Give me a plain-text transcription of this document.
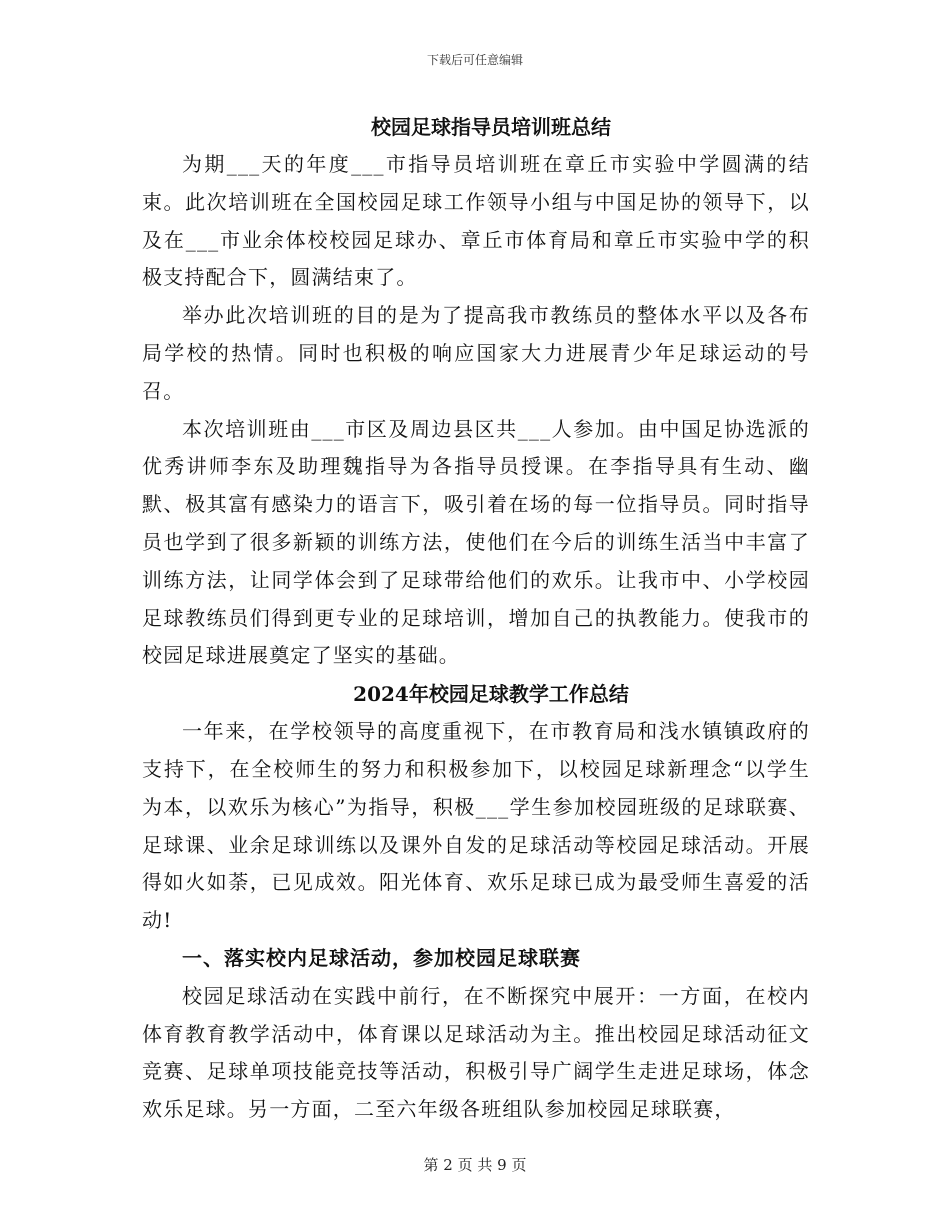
下载后可任意编辑
校园足球指导员培训班总结

为期___天的年度___市指导员培训班在章丘市实验中学圆满的结束。此次培训班在全国校园足球工作领导小组与中国足协的领导下，以及在___市业余体校校园足球办、章丘市体育局和章丘市实验中学的积极支持配合下，圆满结束了。

举办此次培训班的目的是为了提高我市教练员的整体水平以及各布局学校的热情。同时也积极的响应国家大力进展青少年足球运动的号召。

本次培训班由___市区及周边县区共___人参加。由中国足协选派的优秀讲师李东及助理魏指导为各指导员授课。在李指导具有生动、幽默、极其富有感染力的语言下，吸引着在场的每一位指导员。同时指导员也学到了很多新颖的训练方法，使他们在今后的训练生活当中丰富了训练方法，让同学体会到了足球带给他们的欢乐。让我市中、小学校园足球教练员们得到更专业的足球培训，增加自己的执教能力。使我市的校园足球进展奠定了坚实的基础。

2024年校园足球教学工作总结

一年来，在学校领导的高度重视下，在市教育局和浅水镇镇政府的支持下，在全校师生的努力和积极参加下，以校园足球新理念“以学生为本，以欢乐为核心”为指导，积极___学生参加校园班级的足球联赛、足球课、业余足球训练以及课外自发的足球活动等校园足球活动。开展得如火如荼，已见成效。阳光体育、欢乐足球已成为最受师生喜爱的活动!

一、落实校内足球活动，参加校园足球联赛

校园足球活动在实践中前行，在不断探究中展开：一方面，在校内体育教育教学活动中，体育课以足球活动为主。推出校园足球活动征文竞赛、足球单项技能竞技等活动，积极引导广阔学生走进足球场，体念欢乐足球。另一方面，二至六年级各班组队参加校园足球联赛，

第 2 页 共 9 页
